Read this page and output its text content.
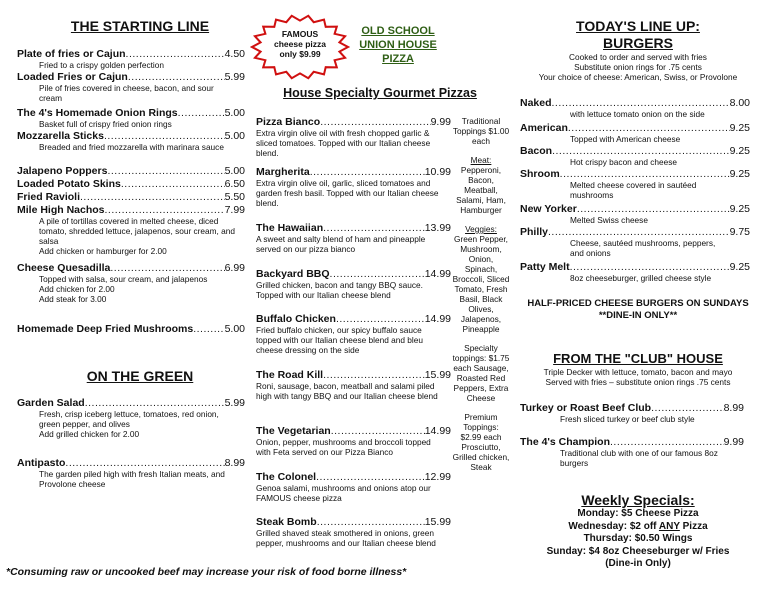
THE STARTING LINE
Plate of fries or Cajun .....	4.50
Fried to a crispy golden perfection
Loaded Fries or Cajun .....	5.99
Pile of fries covered in cheese, bacon, and sour cream
The 4's Homemade Onion Rings .....	5.00
Basket full of crispy fried onion rings
Mozzarella Sticks .....	5.00
Breaded and fried mozzarella with marinara sauce
Jalapeno Poppers .....	5.00
Loaded Potato Skins .....	6.50
Fried Ravioli .....	5.50
Mile High Nachos .....	7.99
A pile of tortillas covered in melted cheese, diced tomato, shredded lettuce, jalapenos, sour cream, and salsa
Add chicken or hamburger for 2.00
Cheese Quesadilla .....	6.99
Topped with salsa, sour cream, and jalapenos
Add chicken for 2.00
Add steak for 3.00
Homemade Deep Fried Mushrooms .....	5.00
ON THE GREEN
Garden Salad .....	5.99
Fresh, crisp iceberg lettuce, tomatoes, red onion, green pepper, and olives
Add grilled chicken for 2.00
Antipasto .....	8.99
The garden piled high with fresh Italian meats, and Provolone cheese
FAMOUS
cheese pizza
only $9.99
OLD SCHOOL
UNION HOUSE
PIZZA
House Specialty Gourmet Pizzas
Pizza Bianco .....	9.99
Extra virgin olive oil with fresh chopped garlic & sliced tomatoes. Topped with our Italian cheese blend.
Margherita .....	10.99
Extra virgin olive oil, garlic, sliced tomatoes and garden fresh basil. Topped with our Italian cheese blend.
The Hawaiian .....	13.99
A sweet and salty blend of ham and pineapple served on our pizza bianco
Backyard BBQ .....	14.99
Grilled chicken, bacon and tangy BBQ sauce. Topped with our Italian cheese blend
Buffalo Chicken .....	14.99
Fried buffalo chicken, our spicy buffalo sauce topped with our Italian cheese blend and bleu cheese dressing on the side
The Road Kill .....	15.99
Roni, sausage, bacon, meatball and salami piled high with tangy BBQ and our Italian cheese blend
The Vegetarian .....	14.99
Onion, pepper, mushrooms and broccoli topped with Feta served on our Pizza Bianco
The Colonel .....	12.99
Genoa salami, mushrooms and onions atop our FAMOUS cheese pizza
Steak Bomb .....	15.99
Grilled shaved steak smothered in onions, green pepper, mushrooms and our Italian cheese blend
Traditional Toppings $1.00 each
Meat:
Pepperoni, Bacon, Meatball, Salami, Ham, Hamburger
Veggies:
Green Pepper, Mushroom, Onion, Spinach, Broccoli, Sliced Tomato, Fresh Basil, Black Olives, Jalapenos, Pineapple
Specialty toppings: $1.75 each Sausage, Roasted Red Peppers, Extra Cheese
Premium Toppings: $2.99 each Prosciutto, Grilled chicken, Steak
TODAY'S LINE UP:
BURGERS
Cooked to order and served with fries
Substitute onion rings for .75 cents
Your choice of cheese: American, Swiss, or Provolone
Naked .....	8.00
with lettuce tomato onion on the side
American .....	9.25
Topped with American cheese
Bacon .....	9.25
Hot crispy bacon and cheese
Shroom .....	9.25
Melted cheese covered in sautéed mushrooms
New Yorker .....	9.25
Melted Swiss cheese
Philly .....	9.75
Cheese, sautéed mushrooms, peppers, and onions
Patty Melt .....	9.25
8oz cheeseburger, grilled cheese style
HALF-PRICED CHEESE BURGERS ON SUNDAYS
**DINE-IN ONLY**
FROM THE "CLUB" HOUSE
Triple Decker with lettuce, tomato, bacon and mayo
Served with fries – substitute onion rings .75 cents
Turkey or Roast Beef Club .....	8.99
Fresh sliced turkey or beef club style
The 4's Champion .....	9.99
Traditional club with one of our famous 8oz burgers
Weekly Specials:
Monday: $5 Cheese Pizza
Wednesday: $2 off ANY Pizza
Thursday: $0.50 Wings
Sunday: $4 8oz Cheeseburger w/ Fries
(Dine-in Only)
*Consuming raw or uncooked beef may increase your risk of food borne illness*
